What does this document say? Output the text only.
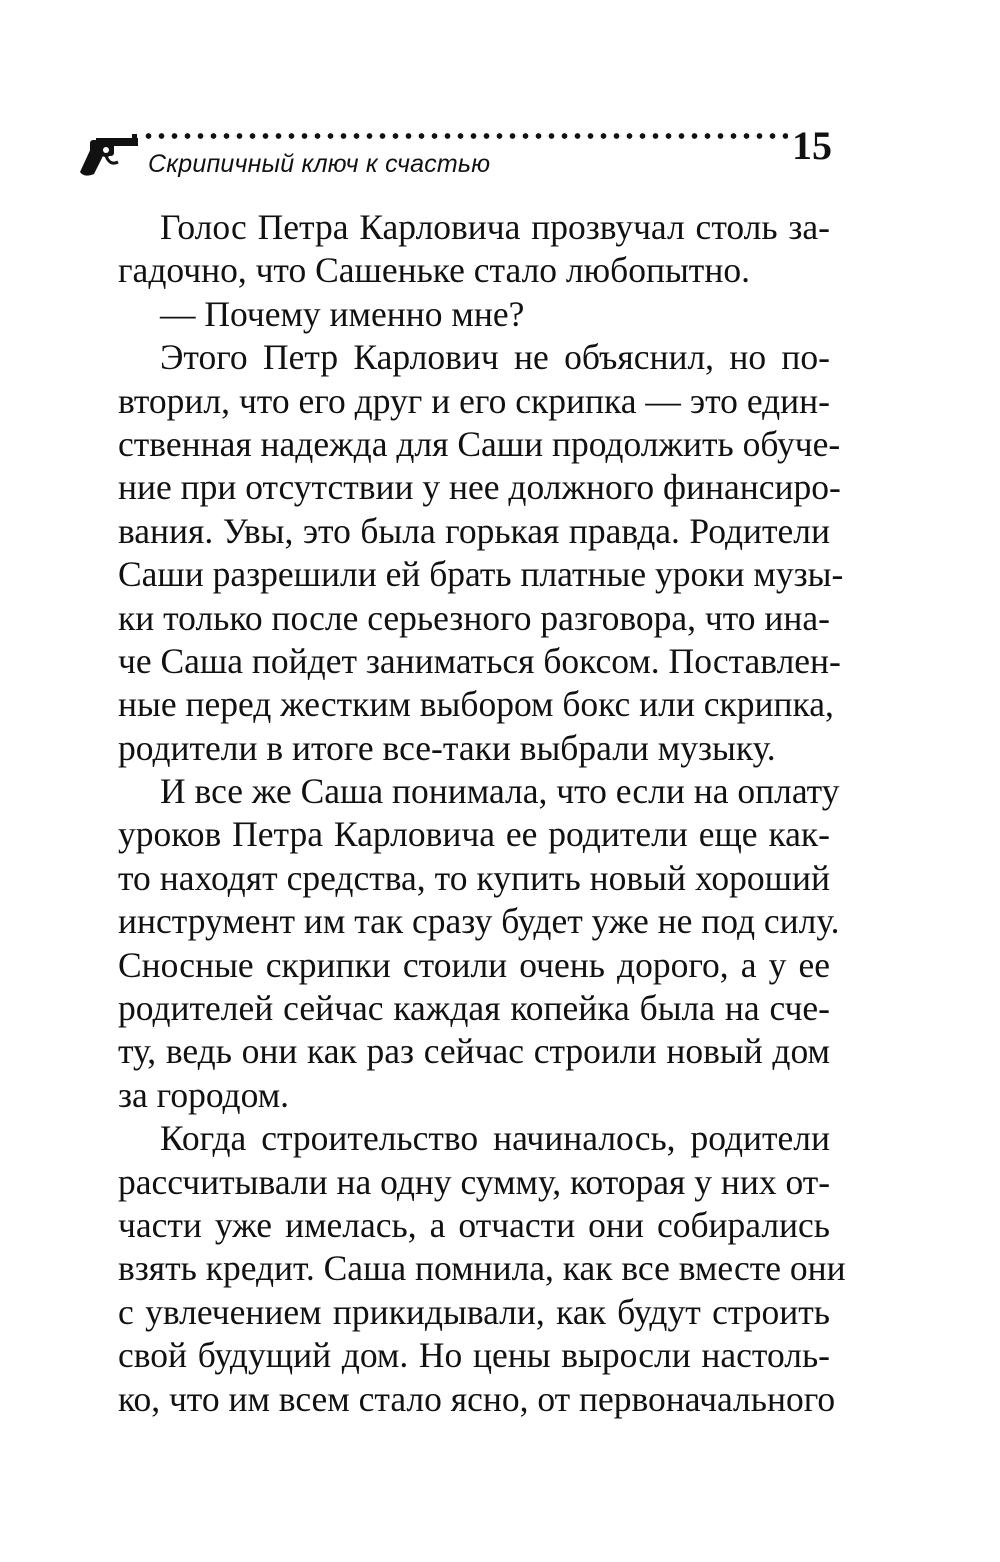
Скрипичный ключ к счастью	15
Голос Петра Карловича прозвучал столь за-
гадочно, что Сашеньке стало любопытно.
— Почему именно мне?
Этого Петр Карлович не объяснил, но по-
вторил, что его друг и его скрипка — это един-
ственная надежда для Саши продолжить обуче-
ние при отсутствии у нее должного финансиро-
вания. Увы, это была горькая правда. Родители
Саши разрешили ей брать платные уроки музы-
ки только после серьезного разговора, что ина-
че Саша пойдет заниматься боксом. Поставлен-
ные перед жестким выбором бокс или скрипка,
родители в итоге все-таки выбрали музыку.
И все же Саша понимала, что если на оплату
уроков Петра Карловича ее родители еще как-
то находят средства, то купить новый хороший
инструмент им так сразу будет уже не под силу.
Сносные скрипки стоили очень дорого, а у ее
родителей сейчас каждая копейка была на сче-
ту, ведь они как раз сейчас строили новый дом
за городом.
Когда строительство начиналось, родители
рассчитывали на одну сумму, которая у них от-
части уже имелась, а отчасти они собирались
взять кредит. Саша помнила, как все вместе они
с увлечением прикидывали, как будут строить
свой будущий дом. Но цены выросли настоль-
ко, что им всем стало ясно, от первоначального
